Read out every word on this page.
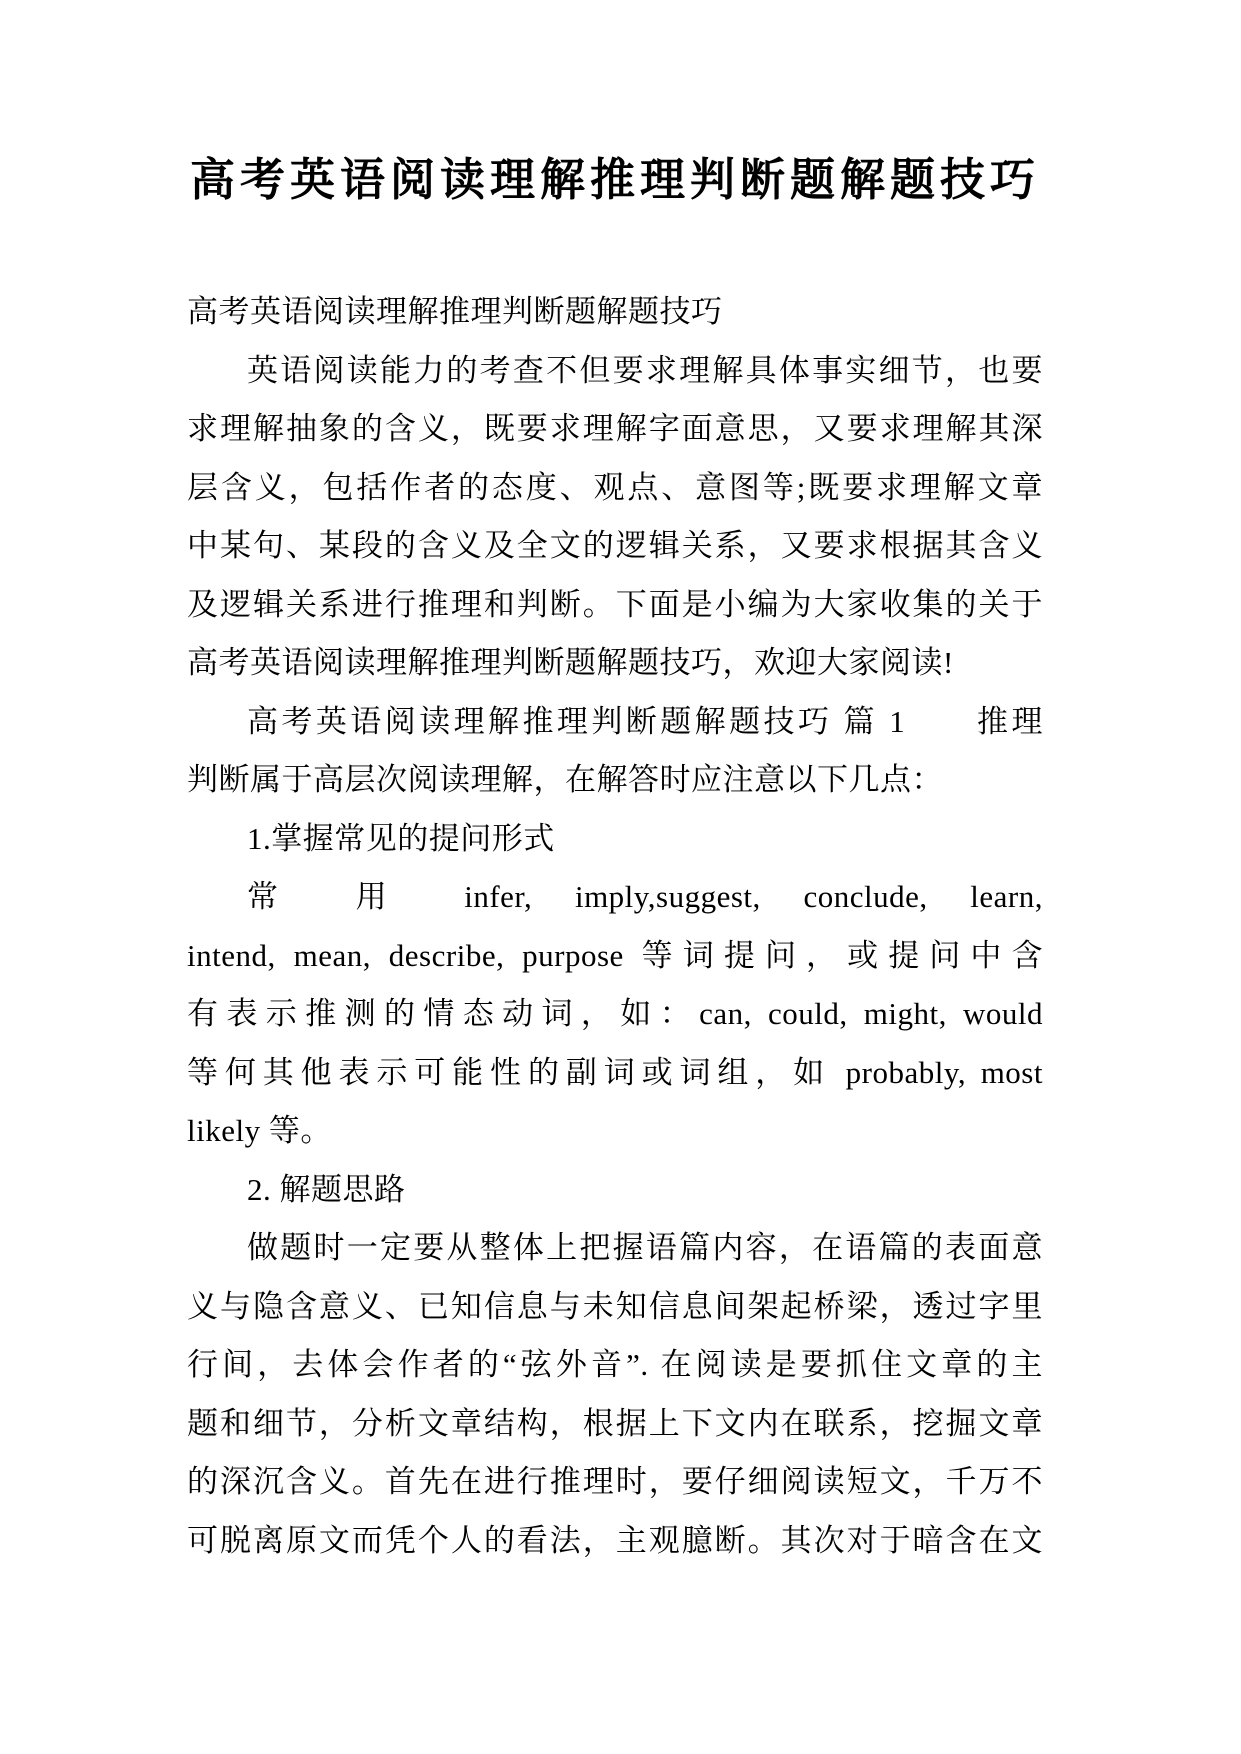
高考英语阅读理解推理判断题解题技巧
高考英语阅读理解推理判断题解题技巧
英语阅读能力的考查不但要求理解具体事实细节，也要
求理解抽象的含义，既要求理解字面意思，又要求理解其深
层含义，包括作者的态度、观点、意图等;既要求理解文章
中某句、某段的含义及全文的逻辑关系，又要求根据其含义
及逻辑关系进行推理和判断。下面是小编为大家收集的关于
高考英语阅读理解推理判断题解题技巧，欢迎大家阅读!
高考英语阅读理解推理判断题解题技巧 篇 1　　推理
判断属于高层次阅读理解，在解答时应注意以下几点：
1.掌握常见的提问形式
常 用 infer, imply,suggest, conclude, learn,
intend, mean, describe, purpose 等词提问，或提问中含
有表示推测的情态动词，如：can, could, might, would
等何其他表示可能性的副词或词组，如 probably, most
likely 等。
2. 解题思路
做题时一定要从整体上把握语篇内容，在语篇的表面意
义与隐含意义、已知信息与未知信息间架起桥梁，透过字里
行间，去体会作者的“弦外音”. 在阅读是要抓住文章的主
题和细节，分析文章结构，根据上下文内在联系，挖掘文章
的深沉含义。首先在进行推理时，要仔细阅读短文，千万不
可脱离原文而凭个人的看法，主观臆断。其次对于暗含在文
